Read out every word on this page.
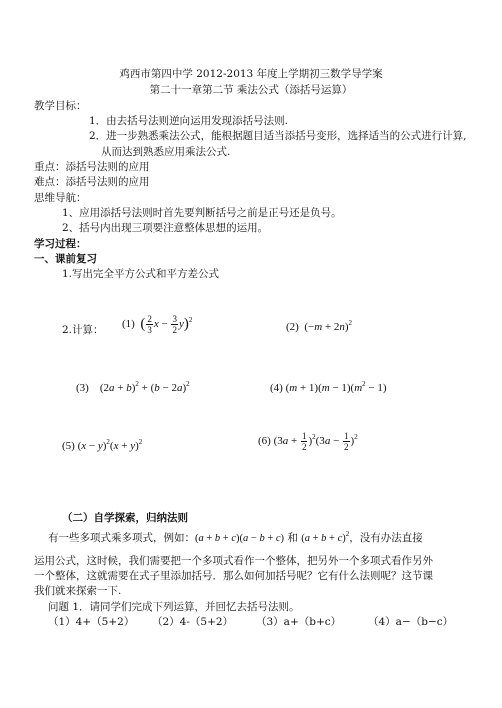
鸡西市第四中学 2012-2013 年度上学期初三数学导学案
第二十一章第二节 乘法公式（添括号运算）
教学目标：
1．由去括号法则逆向运用发现添括号法则.
2．进一步熟悉乘法公式，能根据题目适当添括号变形，选择适当的公式进行计算,
从而达到熟悉应用乘法公式.
重点：添括号法则的应用
难点：添括号法则的应用
思维导航：
1、应用添括号法则时首先要判断括号之前是正号还是负号。
2、括号内出现三项要注意整体思想的运用。
学习过程：
一、课前复习
1.写出完全平方公式和平方差公式
2.计算： (1) ( $\frac{2}{3}$ $x - \frac{3}{2} y)^2$
(2)  $(-m + 2n)^2$
(3)    $(2a + b)^2 + (b - 2a)^2$	(4) $(m + 1)(m - 1)(m^2 - 1)$
(5) $(x - y)^2(x + y)^2$	(6) $(3a + \frac{1}{2} )^2(3a - \frac{1}{2} )^2$
（二）自学探索，归纳法则
有一些多项式乘多项式，例如：(a + b + c)(a − b + c) 和 $(a + b + c)^2$，没有办法直接
运用公式，这时候，我们需要把一个多项式看作一个整体，把另外一个多项式看作另外
一个整体，这就需要在式子里添加括号．那么如何加括号呢？它有什么法则呢？这节课
我们就来探索一下.
问题 1．请同学们完成下列运算，并回忆去括号法则。
（1）4+（5+2） （2）4-（5+2） （3）a+（b+c）	（4）a−（b−c）
